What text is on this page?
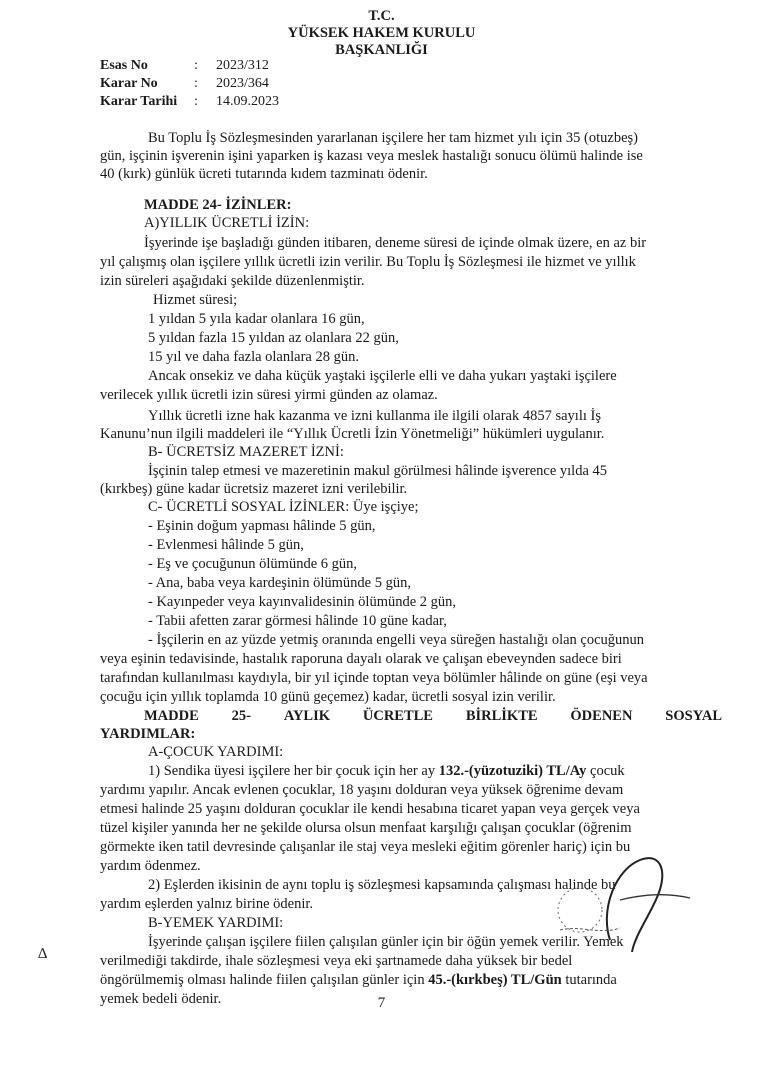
T.C.
YÜKSEK HAKEM KURULU
BAŞKANLIĞI
Esas No	:	2023/312
Karar No	:	2023/364
Karar Tarihi	:	14.09.2023
Bu Toplu İş Sözleşmesinden yararlanan işçilere her tam hizmet yılı için 35 (otuzbeş)
gün, işçinin işverenin işini yaparken iş kazası veya meslek hastalığı sonucu ölümü halinde ise
40 (kırk) günlük ücreti tutarında kıdem tazminatı ödenir.
MADDE 24- İZİNLER:
A)YILLIK ÜCRETLİ İZİN:
İşyerinde işe başladığı günden itibaren, deneme süresi de içinde olmak üzere, en az bir
yıl çalışmış olan işçilere yıllık ücretli izin verilir. Bu Toplu İş Sözleşmesi ile hizmet ve yıllık
izin süreleri aşağıdaki şekilde düzenlenmiştir.
Hizmet süresi;
1 yıldan 5 yıla kadar olanlara 16 gün,
5 yıldan fazla 15 yıldan az olanlara 22 gün,
15 yıl ve daha fazla olanlara 28 gün.
Ancak onsekiz ve daha küçük yaştaki işçilerle elli ve daha yukarı yaştaki işçilere
verilecek yıllık ücretli izin süresi yirmi günden az olamaz.
Yıllık ücretli izne hak kazanma ve izni kullanma ile ilgili olarak 4857 sayılı İş
Kanunu’nun ilgili maddeleri ile “Yıllık Ücretli İzin Yönetmeliği” hükümleri uygulanır.
B- ÜCRETSİZ MAZERET İZNİ:
İşçinin talep etmesi ve mazeretinin makul görülmesi hâlinde işverence yılda 45
(kırkbeş) güne kadar ücretsiz mazeret izni verilebilir.
C- ÜCRETLİ SOSYAL İZİNLER: Üye işçiye;
- Eşinin doğum yapması hâlinde 5 gün,
- Evlenmesi hâlinde 5 gün,
- Eş ve çocuğunun ölümünde 6 gün,
- Ana, baba veya kardeşinin ölümünde 5 gün,
- Kayınpeder veya kayınvalidesinin ölümünde 2 gün,
- Tabii afetten zarar görmesi hâlinde 10 güne kadar,
- İşçilerin en az yüzde yetmiş oranında engelli veya süreğen hastalığı olan çocuğunun
veya eşinin tedavisinde, hastalık raporuna dayalı olarak ve çalışan ebeveynden sadece biri
tarafından kullanılması kaydıyla, bir yıl içinde toptan veya bölümler hâlinde on güne (eşi veya
çocuğu için yıllık toplamda 10 günü geçemez) kadar, ücretli sosyal izin verilir.
MADDE 25- AYLIK ÜCRETLE BİRLİKTE ÖDENEN SOSYAL
YARDIMLAR:
A-ÇOCUK YARDIMI:
1) Sendika üyesi işçilere her bir çocuk için her ay 132.-(yüzotuziki) TL/Ay çocuk
yardımı yapılır. Ancak evlenen çocuklar, 18 yaşını dolduran veya yüksek öğrenime devam
etmesi halinde 25 yaşını dolduran çocuklar ile kendi hesabına ticaret yapan veya gerçek veya
tüzel kişiler yanında her ne şekilde olursa olsun menfaat karşılığı çalışan çocuklar (öğrenim
görmekte iken tatil devresinde çalışanlar ile staj veya mesleki eğitim görenler hariç) için bu
yardım ödenmez.
2) Eşlerden ikisinin de aynı toplu iş sözleşmesi kapsamında çalışması halinde bu
yardım eşlerden yalnız birine ödenir.
B-YEMEK YARDIMI:
İşyerinde çalışan işçilere fiilen çalışılan günler için bir öğün yemek verilir. Yemek
verilmediği takdirde, ihale sözleşmesi veya eki şartnamede daha yüksek bir bedel
öngörülmemiş olması halinde fiilen çalışılan günler için 45.-(kırkbeş) TL/Gün tutarında
yemek bedeli ödenir.	7
∆
